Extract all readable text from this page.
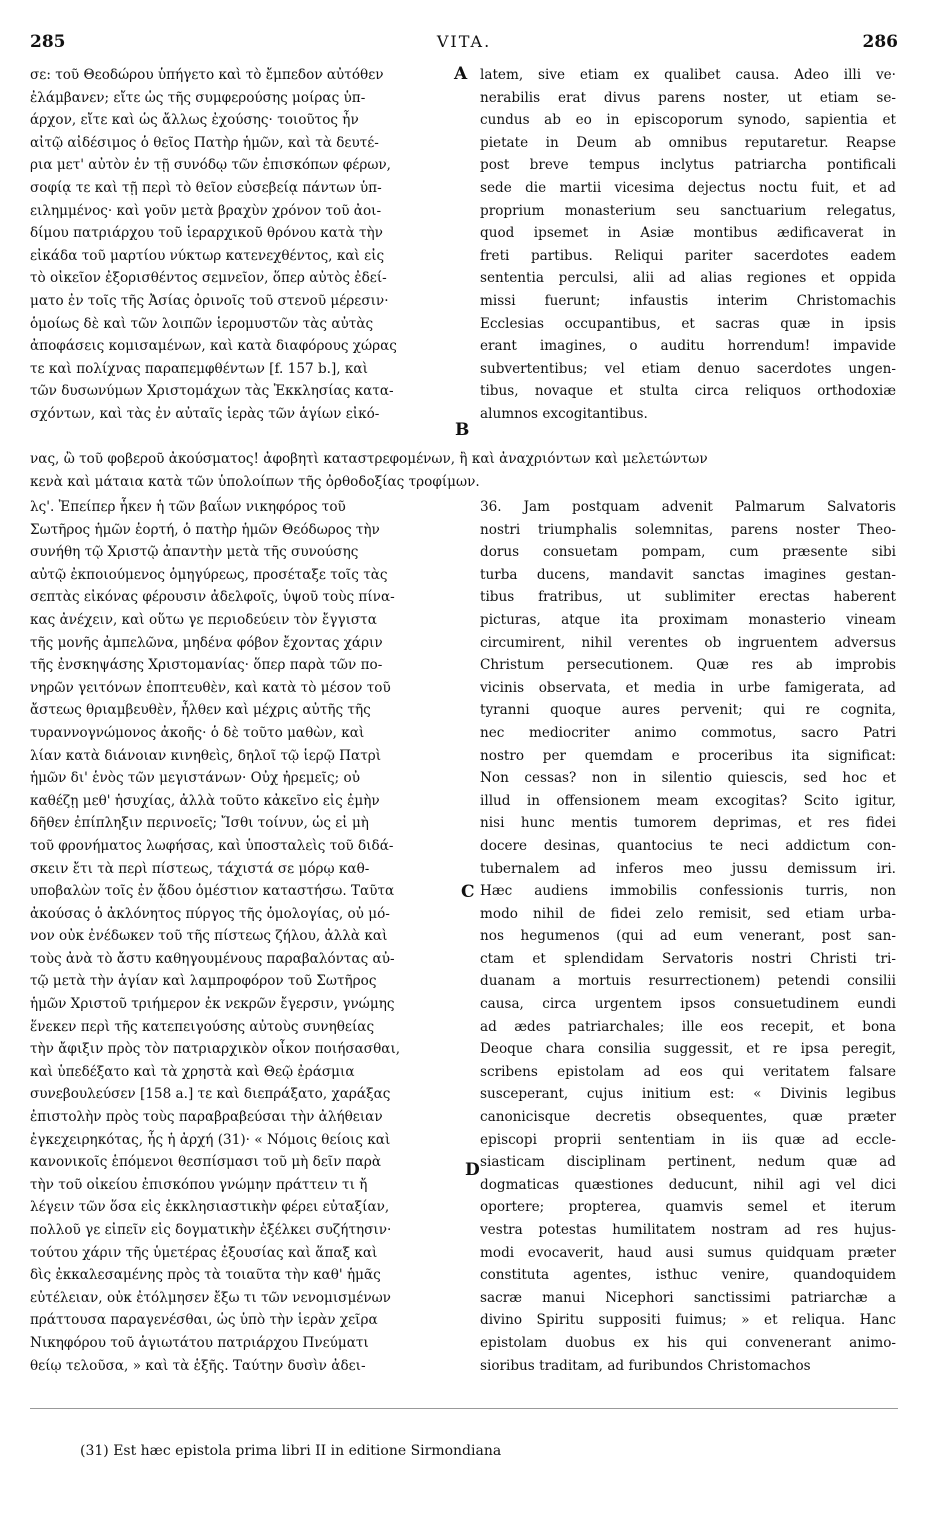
285	VITA.	286
σε: τοῦ Θεοδώρου ὑπήγετο καὶ τὸ ἔμπεδον αὐτόθεν
ἐλάμβανεν; εἴτε ὡς τῆς συμφερούσης μοίρας ὑπ-
άρχον, εἴτε καὶ ὡς ἄλλως ἐχούσης· τοιοῦτος ἦν
αἰτῷ αἰδέσιμος ὁ θεῖος Πατὴρ ἡμῶν, καὶ τὰ δευτέ-
ρια μετ' αὐτὸν ἐν τῇ συνόδῳ τῶν ἐπισκόπων φέρων,
σοφίᾳ τε καὶ τῇ περὶ τὸ θεῖον εὐσεβείᾳ πάντων ὑπ-
ειλημμένος· καὶ γοῦν μετὰ βραχὺν χρόνον τοῦ ἀοι-
δίμου πατριάρχου τοῦ ἱεραρχικοῦ θρόνου κατὰ τὴν
εἰκάδα τοῦ μαρτίου νύκτωρ κατενεχθέντος, καὶ εἰς
τὸ οἰκεῖον ἐξορισθέντος σεμνεῖον, ὅπερ αὐτὸς ἐδεί-
ματο ἐν τοῖς τῆς Ἀσίας ὀρινοῖς τοῦ στενοῦ μέρεσιν·
ὁμοίως δὲ καὶ τῶν λοιπῶν ἱερομυστῶν τὰς αὐτὰς
ἀποφάσεις κομισαμένων, καὶ κατὰ διαφόρους χώρας
τε καὶ πολίχνας παραπεμφθέντων [f. 157 b.], καὶ
τῶν δυσωνύμων Χριστομάχων τὰς Ἐκκλησίας κατα-
σχόντων, καὶ τὰς ἐν αὐταῖς ἱερὰς τῶν ἁγίων εἰκό-
latem, sive etiam ex qualibet causa. Adeo illi ve·
nerabilis erat divus parens noster, ut etiam se-
cundus ab eo in episcoporum synodo, sapientia et
pietate in Deum ab omnibus reputaretur. Reapse
post breve tempus inclytus patriarcha pontificali
sede die martii vicesima dejectus noctu fuit, et ad
proprium monasterium seu sanctuarium relegatus,
quod ipsemet in Asiæ montibus ædificaverat in
freti partibus. Reliqui pariter sacerdotes eadem
sententia perculsi, alii ad alias regiones et oppida
missi fuerunt; infaustis interim Christomachis
Ecclesias occupantibus, et sacras quæ in ipsis
erant imagines, o auditu horrendum! impavide
subvertentibus; vel etiam denuo sacerdotes ungen-
tibus, novaque et stulta circa reliquos orthodoxiæ
alumnos excogitantibus.
A
B
C
D
νας, ὢ τοῦ φοβεροῦ ἀκούσματος! ἀφοβητὶ καταστρεφομένων, ἢ καὶ ἀναχριόντων καὶ μελετώντων
κενὰ καὶ μάταια κατὰ τῶν ὑπολοίπων τῆς ὀρθοδοξίας τροφίμων.
λς'. Ἐπείπερ ἧκεν ἡ τῶν βαΐων νικηφόρος τοῦ
Σωτῆρος ἡμῶν ἑορτή, ὁ πατὴρ ἡμῶν Θεόδωρος τὴν
συνήθη τῷ Χριστῷ ἀπαντὴν μετὰ τῆς συνούσης
αὐτῷ ἐκποιούμενος ὁμηγύρεως, προσέταξε τοῖς τὰς
σεπτὰς εἰκόνας φέρουσιν ἀδελφοῖς, ὑψοῦ τοὺς πίνα-
κας ἀνέχειν, καὶ οὕτω γε περιοδεύειν τὸν ἔγγιστα
τῆς μονῆς ἀμπελῶνα, μηδένα φόβον ἔχοντας χάριν
τῆς ἐνσκηψάσης Χριστομανίας· ὅπερ παρὰ τῶν πο-
νηρῶν γειτόνων ἐποπτευθὲν, καὶ κατὰ τὸ μέσον τοῦ
ἄστεως θριαμβευθὲν, ἦλθεν καὶ μέχρις αὐτῆς τῆς
τυραννογνώμονος ἀκοῆς· ὁ δὲ τοῦτο μαθὼν, καὶ
λίαν κατὰ διάνοιαν κινηθεὶς, δηλοῖ τῷ ἱερῷ Πατρὶ
ἡμῶν δι' ἑνὸς τῶν μεγιστάνων· Οὐχ ἠρεμεῖς; οὐ
καθέζῃ μεθ' ἡσυχίας, ἀλλὰ τοῦτο κἀκεῖνο εἰς ἐμὴν
δῆθεν ἐπίπληξιν περινοεῖς; Ἴσθι τοίνυν, ὡς εἰ μὴ
τοῦ φρονήματος λωφήσας, καὶ ὑποσταλεὶς τοῦ διδά-
σκειν ἔτι τὰ περὶ πίστεως, τάχιστά σε μόρῳ καθ-
υποβαλὼν τοῖς ἐν ᾅδου ὁμέστιον καταστήσω. Ταῦτα
ἀκούσας ὁ ἀκλόνητος πύργος τῆς ὁμολογίας, οὐ μό-
νον οὐκ ἐνέδωκεν τοῦ τῆς πίστεως ζήλου, ἀλλὰ καὶ
τοὺς ἀνὰ τὸ ἄστυ καθηγουμένους παραβαλόντας αὐ-
τῷ μετὰ τὴν ἁγίαν καὶ λαμπροφόρον τοῦ Σωτῆρος
ἡμῶν Χριστοῦ τριήμερον ἐκ νεκρῶν ἔγερσιν, γνώμης
ἕνεκεν περὶ τῆς κατεπειγούσης αὐτοὺς συνηθείας
τὴν ἄφιξιν πρὸς τὸν πατριαρχικὸν οἶκον ποιήσασθαι,
καὶ ὑπεδέξατο καὶ τὰ χρηστὰ καὶ Θεῷ ἐράσμια
συνεβουλεύσεν [158 a.] τε καὶ διεπράξατο, χαράξας
ἐπιστολὴν πρὸς τοὺς παραβραβεύσαι τὴν ἀλήθειαν
ἐγκεχειρηκότας, ἧς ἡ ἀρχή (31)· « Νόμοις θείοις καὶ
κανονικοῖς ἑπόμενοι θεσπίσμασι τοῦ μὴ δεῖν παρὰ
τὴν τοῦ οἰκείου ἐπισκόπου γνώμην πράττειν τι ἤ
λέγειν τῶν ὅσα εἰς ἐκκλησιαστικὴν φέρει εὐταξίαν,
πολλοῦ γε εἰπεῖν εἰς δογματικὴν ἐξέλκει συζήτησιν·
τούτου χάριν τῆς ὑμετέρας ἐξουσίας καὶ ἅπαξ καὶ
δὶς ἐκκαλεσαμένης πρὸς τὰ τοιαῦτα τὴν καθ' ἡμᾶς
εὐτέλειαν, οὐκ ἐτόλμησεν ἔξω τι τῶν νενομισμένων
πράττουσα παραγενέσθαι, ὡς ὑπὸ τὴν ἱερὰν χεῖρα
Νικηφόρου τοῦ ἁγιωτάτου πατριάρχου Πνεύματι
θείῳ τελοῦσα, » καὶ τὰ ἑξῆς. Ταύτην δυσὶν ἀδει-
36. Jam postquam advenit Palmarum Salvatoris
nostri triumphalis solemnitas, parens noster Theo-
dorus consuetam pompam, cum præsente sibi
turba ducens, mandavit sanctas imagines gestan-
tibus fratribus, ut sublimiter erectas haberent
picturas, atque ita proximam monasterio vineam
circumirent, nihil verentes ob ingruentem adversus
Christum persecutionem. Quæ res ab improbis
vicinis observata, et media in urbe famigerata, ad
tyranni quoque aures pervenit; qui re cognita,
nec mediocriter animo commotus, sacro Patri
nostro per quemdam e proceribus ita significat:
Non cessas? non in silentio quiescis, sed hoc et
illud in offensionem meam excogitas? Scito igitur,
nisi hunc mentis tumorem deprimas, et res fidei
docere desinas, quantocius te neci addictum con-
tubernalem ad inferos meo jussu demissum iri.
Hæc audiens immobilis confessionis turris, non
modo nihil de fidei zelo remisit, sed etiam urba-
nos hegumenos (qui ad eum venerant, post san-
ctam et splendidam Servatoris nostri Christi tri-
duanam a mortuis resurrectionem) petendi consilii
causa, circa urgentem ipsos consuetudinem eundi
ad ædes patriarchales; ille eos recepit, et bona
Deoque chara consilia suggessit, et re ipsa peregit,
scribens epistolam ad eos qui veritatem falsare
susceperant, cujus initium est: « Divinis legibus
canonicisque decretis obsequentes, quæ præter
episcopi proprii sententiam in iis quæ ad eccle-
siasticam disciplinam pertinent, nedum quæ ad
dogmaticas quæstiones deducunt, nihil agi vel dici
oportere; propterea, quamvis semel et iterum
vestra potestas humilitatem nostram ad res hujus-
modi evocaverit, haud ausi sumus quidquam præter
constituta agentes, isthuc venire, quandoquidem
sacræ manui Nicephori sanctissimi patriarchæ a
divino Spiritu suppositi fuimus; » et reliqua. Hanc
epistolam duobus ex his qui convenerant animo-
sioribus traditam, ad furibundos Christomachos
(31) Est hæc epistola prima libri II in editione Sirmondiana
